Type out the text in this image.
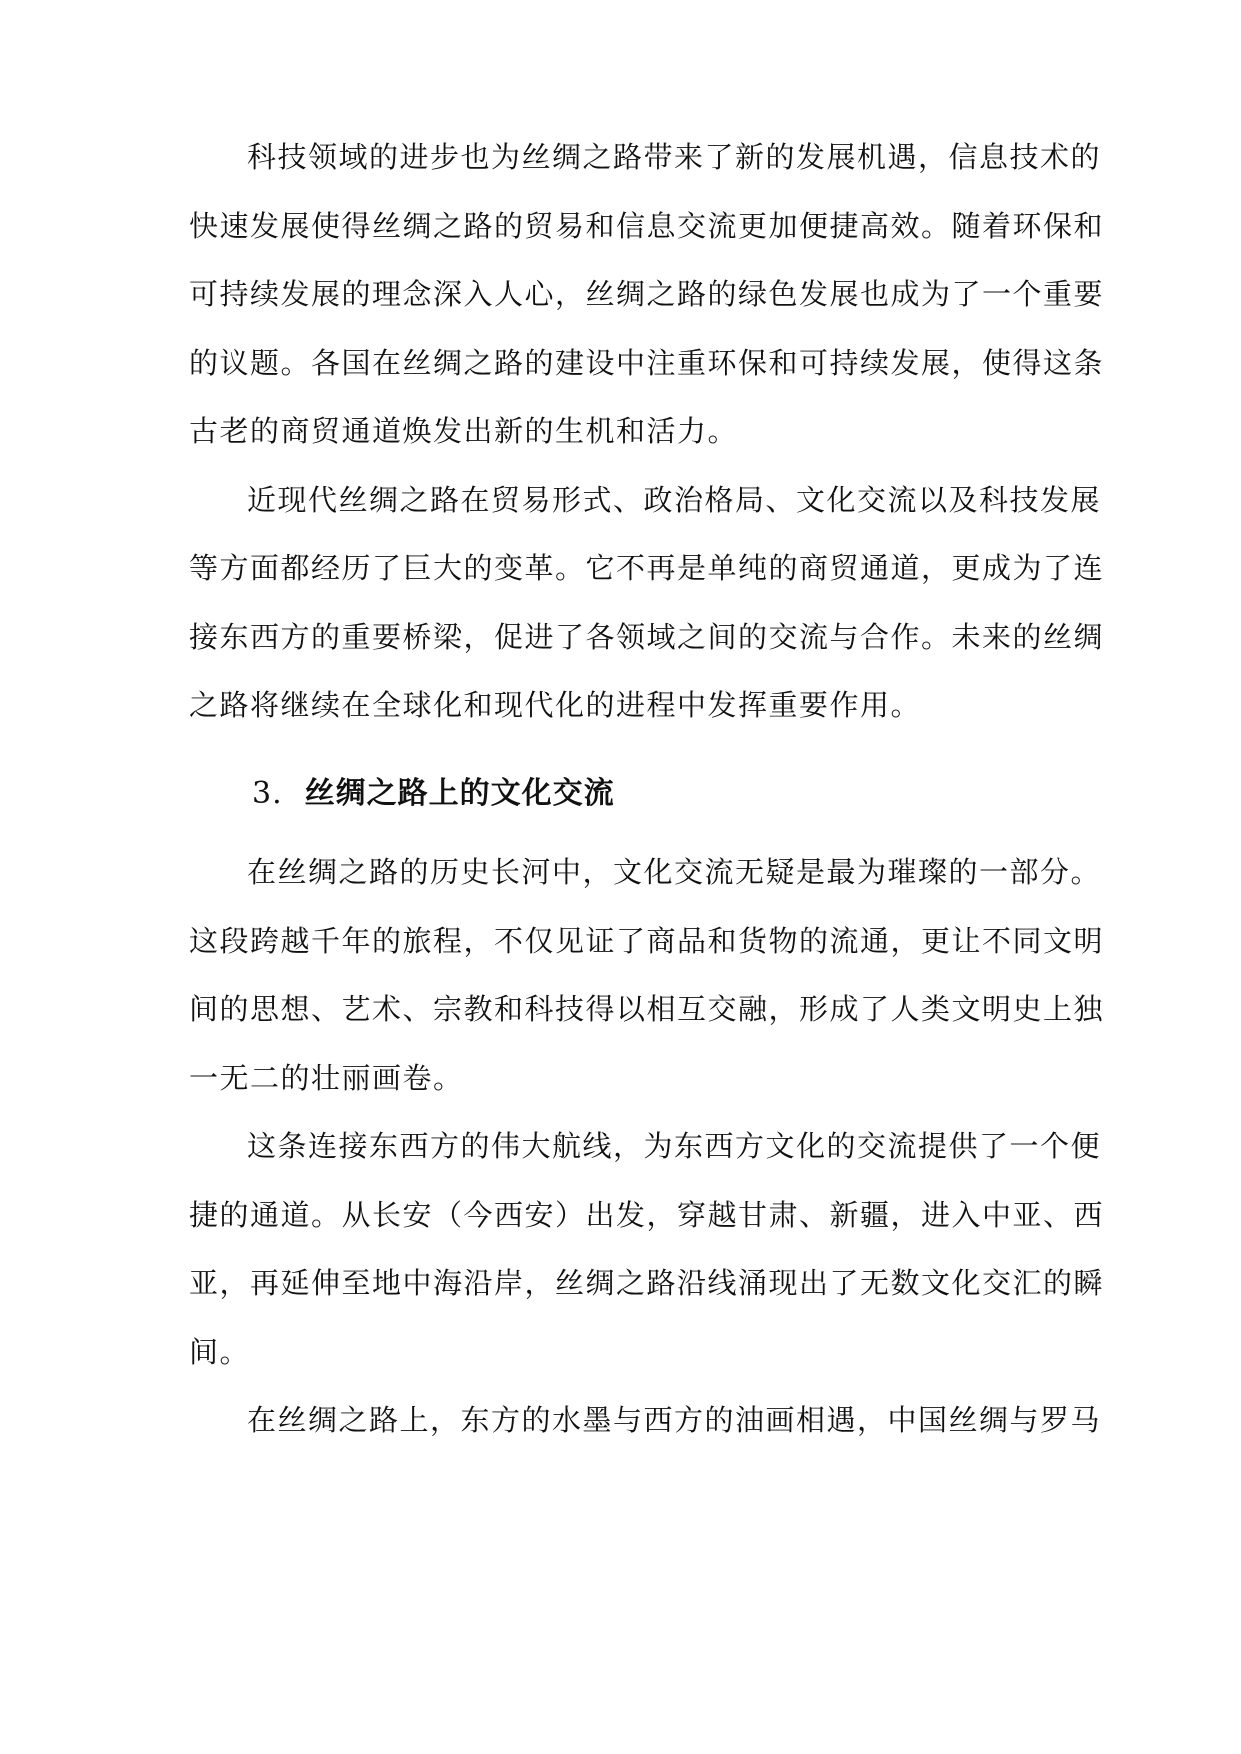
科技领域的进步也为丝绸之路带来了新的发展机遇，信息技术的
快速发展使得丝绸之路的贸易和信息交流更加便捷高效。随着环保和
可持续发展的理念深入人心，丝绸之路的绿色发展也成为了一个重要
的议题。各国在丝绸之路的建设中注重环保和可持续发展，使得这条
古老的商贸通道焕发出新的生机和活力。
近现代丝绸之路在贸易形式、政治格局、文化交流以及科技发展
等方面都经历了巨大的变革。它不再是单纯的商贸通道，更成为了连
接东西方的重要桥梁，促进了各领域之间的交流与合作。未来的丝绸
之路将继续在全球化和现代化的进程中发挥重要作用。
3. 丝绸之路上的文化交流
在丝绸之路的历史长河中，文化交流无疑是最为璀璨的一部分。
这段跨越千年的旅程，不仅见证了商品和货物的流通，更让不同文明
间的思想、艺术、宗教和科技得以相互交融，形成了人类文明史上独
一无二的壮丽画卷。
这条连接东西方的伟大航线，为东西方文化的交流提供了一个便
捷的通道。从长安（今西安）出发，穿越甘肃、新疆，进入中亚、西
亚，再延伸至地中海沿岸，丝绸之路沿线涌现出了无数文化交汇的瞬
间。
在丝绸之路上，东方的水墨与西方的油画相遇，中国丝绸与罗马
